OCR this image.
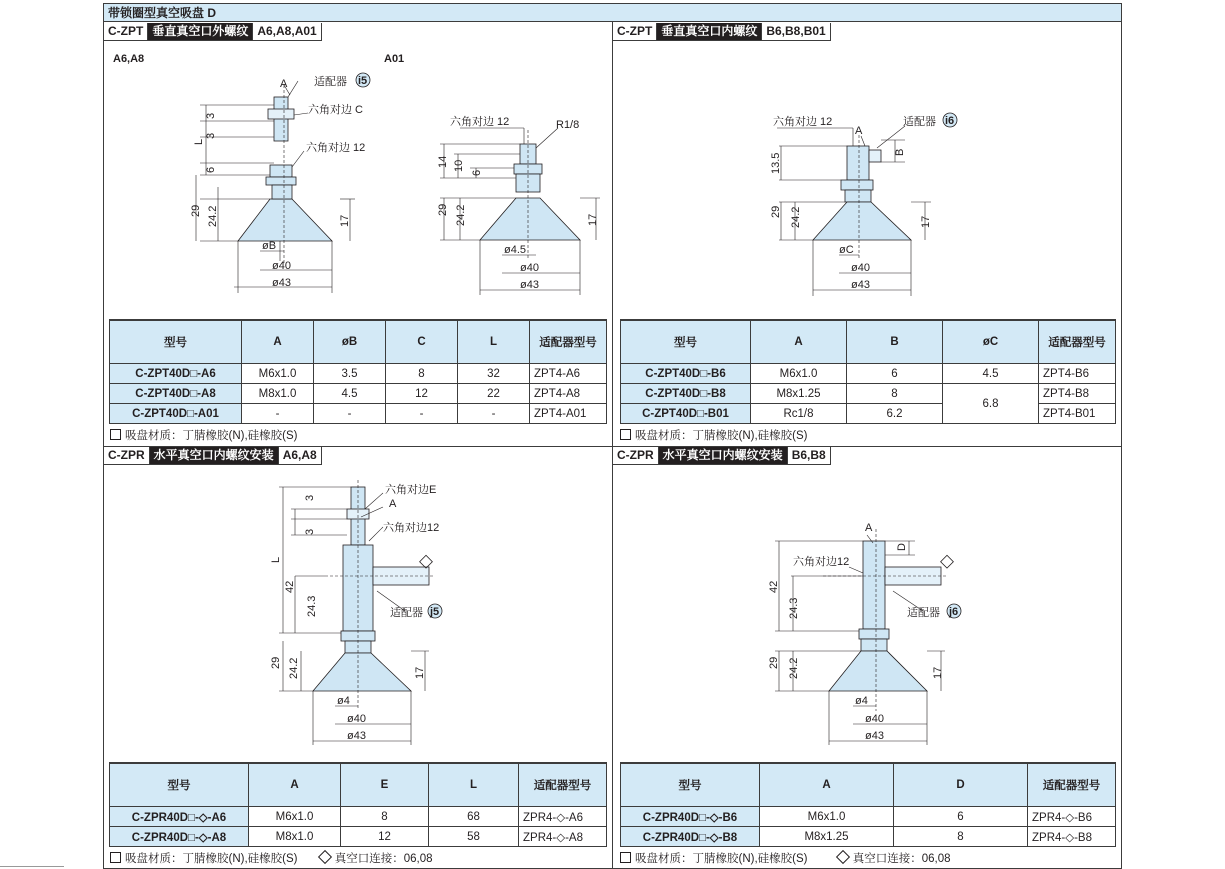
带锁圈型真空吸盘 D
C-ZPT 垂直真空口外螺纹 A6,A8,A01	C-ZPT 垂直真空口内螺纹 B6,B8,B01
C-ZPR 水平真空口内螺纹安装 A6,A8	C-ZPR 水平真空口内螺纹安装 B6,B8
A6,A8	A01
A 适配器 i5
六角对边 C
六角对边 12
3
3
L
6
29 24.2	17
øB
ø40
ø43
六角对边 12	R1/8
14 10
6
29 24.2	17
ø4.5
ø40
ø43
六角对边 12
A
适配器 i6
B
13.5
29 24.2	17
øC
ø40
ø43
六角对边E
A
六角对边12
适配器 j5
3
3
L
42
24.3
29 24.2	17
ø4
ø40
ø43
A
D
六角对边12
适配器 j6
42
24.3
29 24.2	17
ø4
ø40
ø43
型号	A	øB	C	L	适配器型号
C-ZPT40D□-A6	M6x1.0	3.5	8	32	ZPT4-A6
C-ZPT40D□-A8	M8x1.0	4.5	12	22	ZPT4-A8
C-ZPT40D□-A01	-	-	-	-	ZPT4-A01
吸盘材质：丁腈橡胶(N),硅橡胶(S)
型号	A	B	øC	适配器型号
C-ZPT40D□-B6	M6x1.0	6	4.5	ZPT4-B6
C-ZPT40D□-B8	M8x1.25	8	6.8	ZPT4-B8
C-ZPT40D□-B01	Rc1/8	6.2		ZPT4-B01
吸盘材质：丁腈橡胶(N),硅橡胶(S)
型号	A	E	L	适配器型号
C-ZPR40D□-◇-A6	M6x1.0	8	68	ZPR4-◇-A6
C-ZPR40D□-◇-A8	M8x1.0	12	58	ZPR4-◇-A8
吸盘材质：丁腈橡胶(N),硅橡胶(S)	真空口连接：06,08
型号	A	D	适配器型号
C-ZPR40D□-◇-B6	M6x1.0	6	ZPR4-◇-B6
C-ZPR40D□-◇-B8	M8x1.25	8	ZPR4-◇-B8
吸盘材质：丁腈橡胶(N),硅橡胶(S)	真空口连接：06,08
